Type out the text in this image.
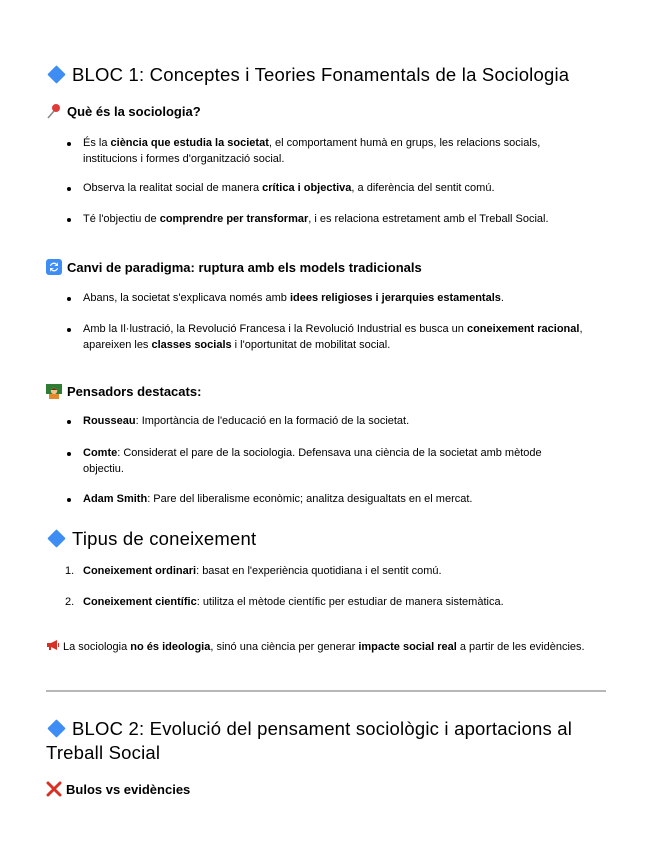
BLOC 1: Conceptes i Teories Fonamentals de la Sociologia
Què és la sociologia?
És la ciència que estudia la societat, el comportament humà en grups, les relacions socials, institucions i formes d'organització social.
Observa la realitat social de manera crítica i objectiva, a diferència del sentit comú.
Té l'objectiu de comprendre per transformar, i es relaciona estretament amb el Treball Social.
Canvi de paradigma: ruptura amb els models tradicionals
Abans, la societat s'explicava només amb idees religioses i jerarquies estamentals.
Amb la Il·lustració, la Revolució Francesa i la Revolució Industrial es busca un coneixement racional, apareixen les classes socials i l'oportunitat de mobilitat social.
Pensadors destacats:
Rousseau: Importància de l'educació en la formació de la societat.
Comte: Considerat el pare de la sociologia. Defensava una ciència de la societat amb mètode objectiu.
Adam Smith: Pare del liberalisme econòmic; analitza desigualtats en el mercat.
Tipus de coneixement
1. Coneixement ordinari: basat en l'experiència quotidiana i el sentit comú.
2. Coneixement científic: utilitza el mètode científic per estudiar de manera sistemàtica.
La sociologia no és ideologia, sinó una ciència per generar impacte social real a partir de les evidències.
BLOC 2: Evolució del pensament sociològic i aportacions al Treball Social
Bulos vs evidències
